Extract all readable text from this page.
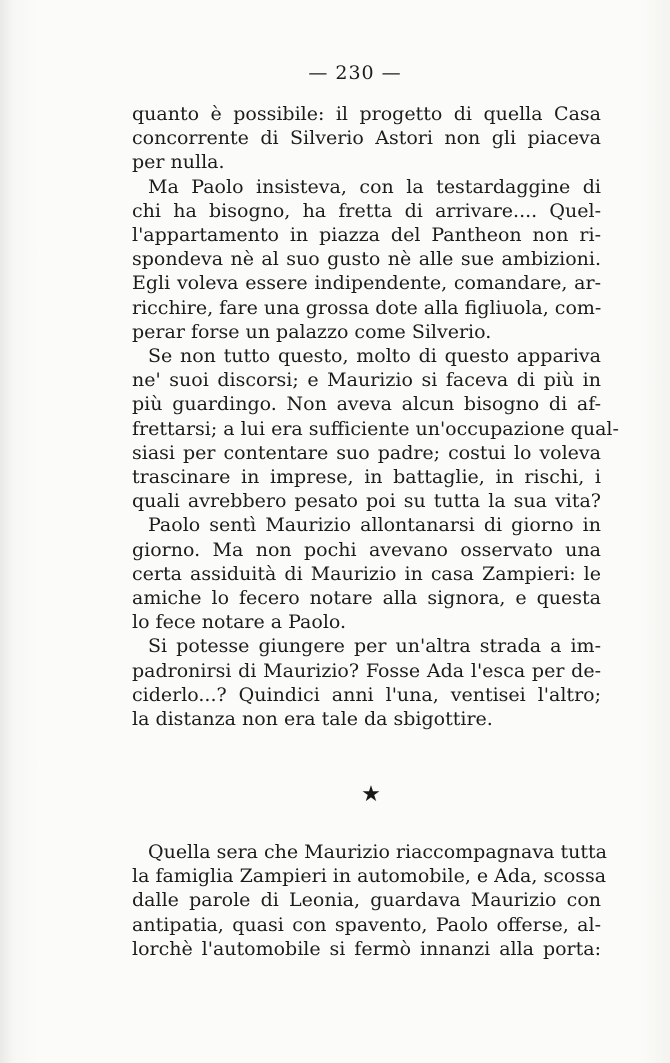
— 230 —
quanto è possibile: il progetto di quella Casa
concorrente di Silverio Astori non gli piaceva
per nulla.
Ma Paolo insisteva, con la testardaggine di
chi ha bisogno, ha fretta di arrivare.... Quel-
l'appartamento in piazza del Pantheon non ri-
spondeva nè al suo gusto nè alle sue ambizioni.
Egli voleva essere indipendente, comandare, ar-
ricchire, fare una grossa dote alla figliuola, com-
perar forse un palazzo come Silverio.
Se non tutto questo, molto di questo appariva
ne' suoi discorsi; e Maurizio si faceva di più in
più guardingo. Non aveva alcun bisogno di af-
frettarsi; a lui era sufficiente un'occupazione qual-
siasi per contentare suo padre; costui lo voleva
trascinare in imprese, in battaglie, in rischi, i
quali avrebbero pesato poi su tutta la sua vita?
Paolo sentì Maurizio allontanarsi di giorno in
giorno. Ma non pochi avevano osservato una
certa assiduità di Maurizio in casa Zampieri: le
amiche lo fecero notare alla signora, e questa
lo fece notare a Paolo.
Si potesse giungere per un'altra strada a im-
padronirsi di Maurizio? Fosse Ada l'esca per de-
ciderlo...? Quindici anni l'una, ventisei l'altro;
la distanza non era tale da sbigottire.
★
Quella sera che Maurizio riaccompagnava tutta
la famiglia Zampieri in automobile, e Ada, scossa
dalle parole di Leonia, guardava Maurizio con
antipatia, quasi con spavento, Paolo offerse, al-
lorchè l'automobile si fermò innanzi alla porta:
